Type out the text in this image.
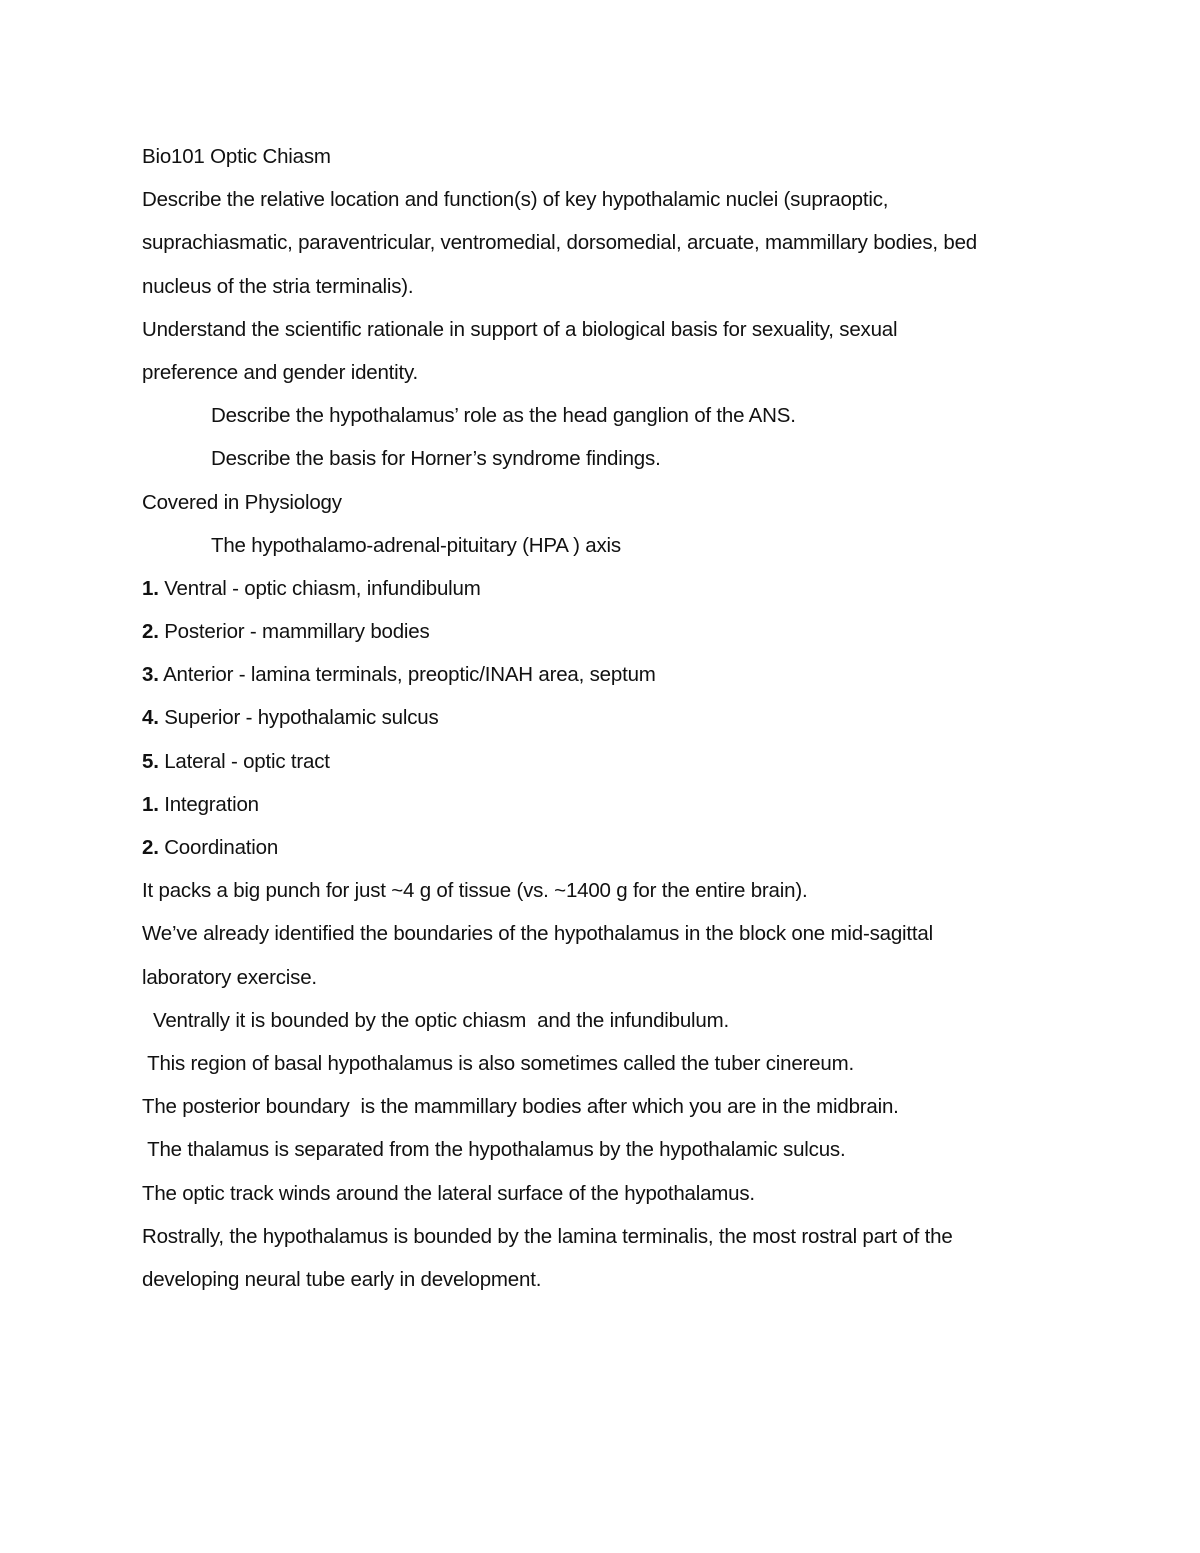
Bio101 Optic Chiasm
Describe the relative location and function(s) of key hypothalamic nuclei (supraoptic,
suprachiasmatic, paraventricular, ventromedial, dorsomedial, arcuate, mammillary bodies, bed
nucleus of the stria terminalis).
Understand the scientific rationale in support of a biological basis for sexuality, sexual
preference and gender identity.
Describe the hypothalamus’ role as the head ganglion of the ANS.
Describe the basis for Horner’s syndrome findings.
Covered in Physiology
The hypothalamo-adrenal-pituitary (HPA ) axis
1. Ventral - optic chiasm, infundibulum
2. Posterior - mammillary bodies
3. Anterior - lamina terminals, preoptic/INAH area, septum
4. Superior - hypothalamic sulcus
5. Lateral - optic tract
1. Integration
2. Coordination
It packs a big punch for just ~4 g of tissue (vs. ~1400 g for the entire brain).
We’ve already identified the boundaries of the hypothalamus in the block one mid-sagittal
laboratory exercise.
Ventrally it is bounded by the optic chiasm  and the infundibulum.
This region of basal hypothalamus is also sometimes called the tuber cinereum.
The posterior boundary  is the mammillary bodies after which you are in the midbrain.
The thalamus is separated from the hypothalamus by the hypothalamic sulcus.
The optic track winds around the lateral surface of the hypothalamus.
Rostrally, the hypothalamus is bounded by the lamina terminalis, the most rostral part of the
developing neural tube early in development.
